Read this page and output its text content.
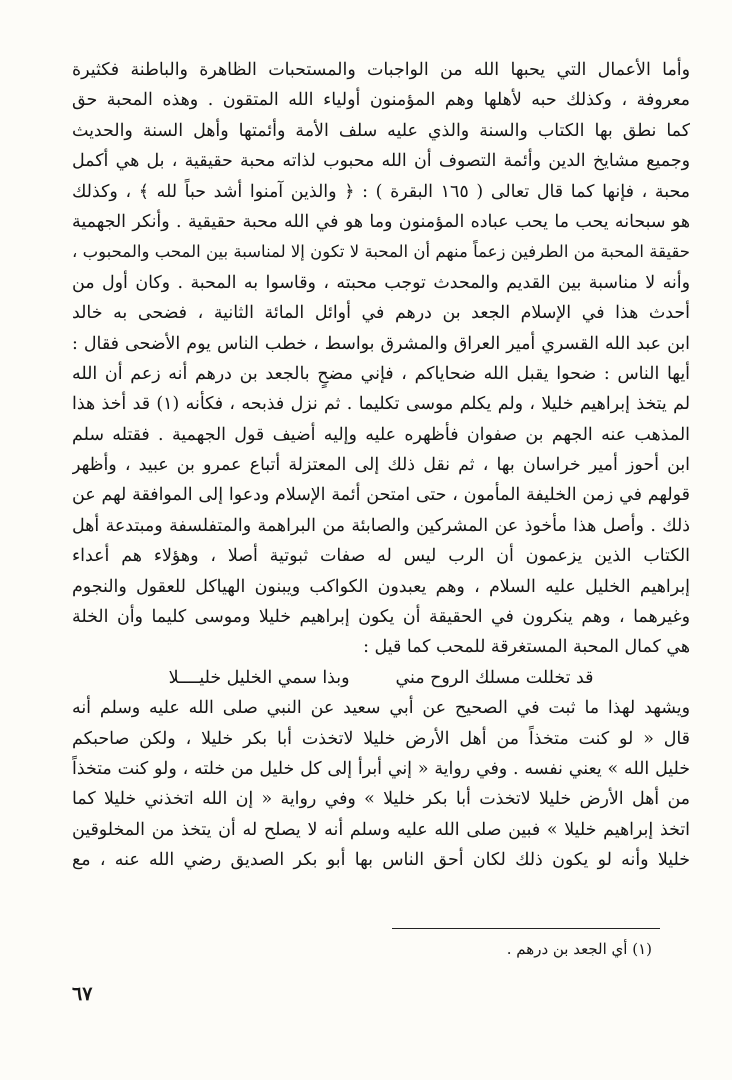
وأما الأعمال التي يحبها الله من الواجبات والمستحبات الظاهرة والباطنة فكثيرة
معروفة ، وكذلك حبه لأهلها وهم المؤمنون أولياء الله المتقون . وهذه المحبة حق
كما نطق بها الكتاب والسنة والذي عليه سلف الأمة وأئمتها وأهل السنة والحديث
وجميع مشايخ الدين وأئمة التصوف أن الله محبوب لذاته محبة حقيقية ، بل هي أكمل
محبة ، فإنها كما قال تعالى ( ١٦٥ البقرة ) : ﴿ والذين آمنوا أشد حباً لله ﴾ ، وكذلك
هو سبحانه يحب ما يحب عباده المؤمنون وما هو في الله محبة حقيقية . وأنكر الجهمية
حقيقة المحبة من الطرفين زعماً منهم أن المحبة لا تكون إلا لمناسبة بين المحب والمحبوب ،
وأنه لا مناسبة بين القديم والمحدث توجب محبته ، وقاسوا به المحبة . وكان أول من
أحدث هذا في الإسلام الجعد بن درهم في أوائل المائة الثانية ، فضحى به خالد
ابن عبد الله القسري أمير العراق والمشرق بواسط ، خطب الناس يوم الأضحى فقال :
أيها الناس : ضحوا يقبل الله ضحاياكم ، فإني مضحٍ بالجعد بن درهم أنه زعم أن الله
لم يتخذ إبراهيم خليلا ، ولم يكلم موسى تكليما . ثم نزل فذبحه ، فكأنه (١) قد أخذ هذا
المذهب عنه الجهم بن صفوان فأظهره عليه وإليه أضيف قول الجهمية . فقتله سلم
ابن أحوز أمير خراسان بها ، ثم نقل ذلك إلى المعتزلة أتباع عمرو بن عبيد ، وأظهر
قولهم في زمن الخليفة المأمون ، حتى امتحن أئمة الإسلام ودعوا إلى الموافقة لهم عن
ذلك . وأصل هذا مأخوذ عن المشركين والصابئة من البراهمة والمتفلسفة ومبتدعة أهل
الكتاب الذين يزعمون أن الرب ليس له صفات ثبوتية أصلا ، وهؤلاء هم أعداء
إبراهيم الخليل عليه السلام ، وهم يعبدون الكواكب ويبنون الهياكل للعقول والنجوم
وغيرهما ، وهم ينكرون في الحقيقة أن يكون إبراهيم خليلا وموسى كليما وأن الخلة
هي كمال المحبة المستغرقة للمحب كما قيل :
قد تخللت مسلك الروح مني
وبذا سمي الخليل خليــــلا
ويشهد لهذا ما ثبت في الصحيح عن أبي سعيد عن النبي صلى الله عليه وسلم أنه
قال « لو كنت متخذاً من أهل الأرض خليلا لاتخذت أبا بكر خليلا ، ولكن صاحبكم
خليل الله » يعني نفسه . وفي رواية « إني أبرأ إلى كل خليل من خلته ، ولو كنت متخذاً
من أهل الأرض خليلا لاتخذت أبا بكر خليلا » وفي رواية « إن الله اتخذني خليلا كما
اتخذ إبراهيم خليلا » فبين صلى الله عليه وسلم أنه لا يصلح له أن يتخذ من المخلوقين
خليلا وأنه لو يكون ذلك لكان أحق الناس بها أبو بكر الصديق رضي الله عنه ، مع
(١) أي الجعد بن درهم .
٦٧
